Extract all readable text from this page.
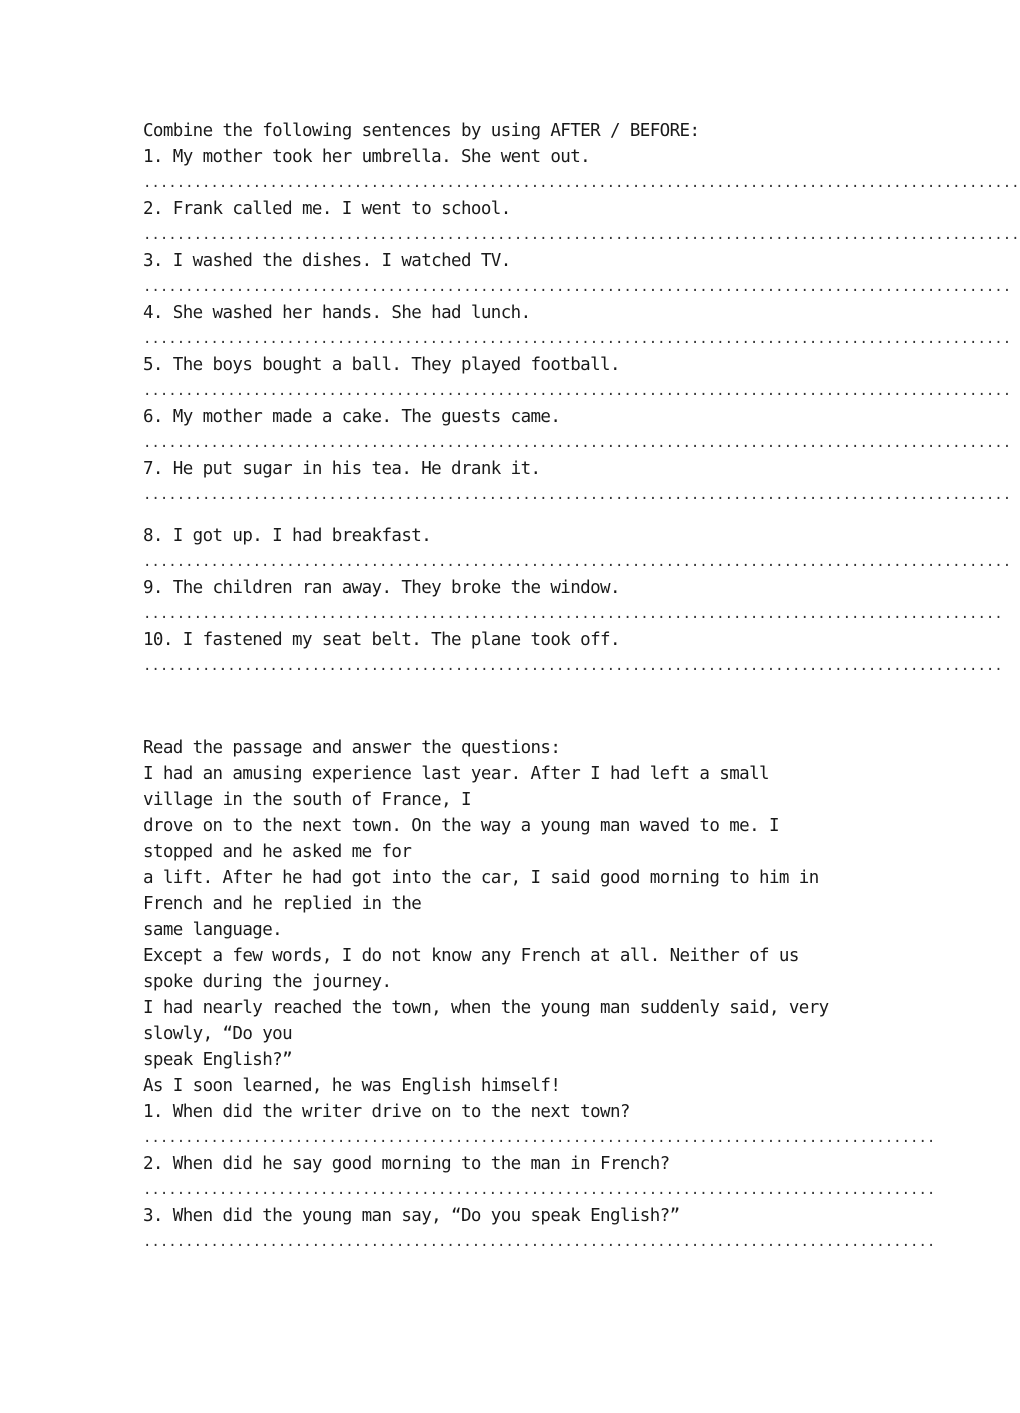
Combine the following sentences by using AFTER / BEFORE:
1. My mother took her umbrella. She went out.
........................................................................................................
2. Frank called me. I went to school.
........................................................................................................
3. I washed the dishes. I watched TV.
.......................................................................................................
4. She washed her hands. She had lunch.
.......................................................................................................
5. The boys bought a ball. They played football.
.......................................................................................................
6. My mother made a cake. The guests came.
.......................................................................................................
7. He put sugar in his tea. He drank it.
.......................................................................................................
8. I got up. I had breakfast.
.......................................................................................................
9. The children ran away. They broke the window.
......................................................................................................
10. I fastened my seat belt. The plane took off.
......................................................................................................
Read the passage and answer the questions:
I had an amusing experience last year. After I had left a small
village in the south of France, I
drove on to the next town. On the way a young man waved to me. I
stopped and he asked me for
a lift. After he had got into the car, I said good morning to him in
French and he replied in the
same language.
Except a few words, I do not know any French at all. Neither of us
spoke during the journey.
I had nearly reached the town, when the young man suddenly said, very
slowly, “Do you
speak English?”
As I soon learned, he was English himself!
1. When did the writer drive on to the next town?
..............................................................................................
2. When did he say good morning to the man in French?
..............................................................................................
3. When did the young man say, “Do you speak English?”
..............................................................................................
